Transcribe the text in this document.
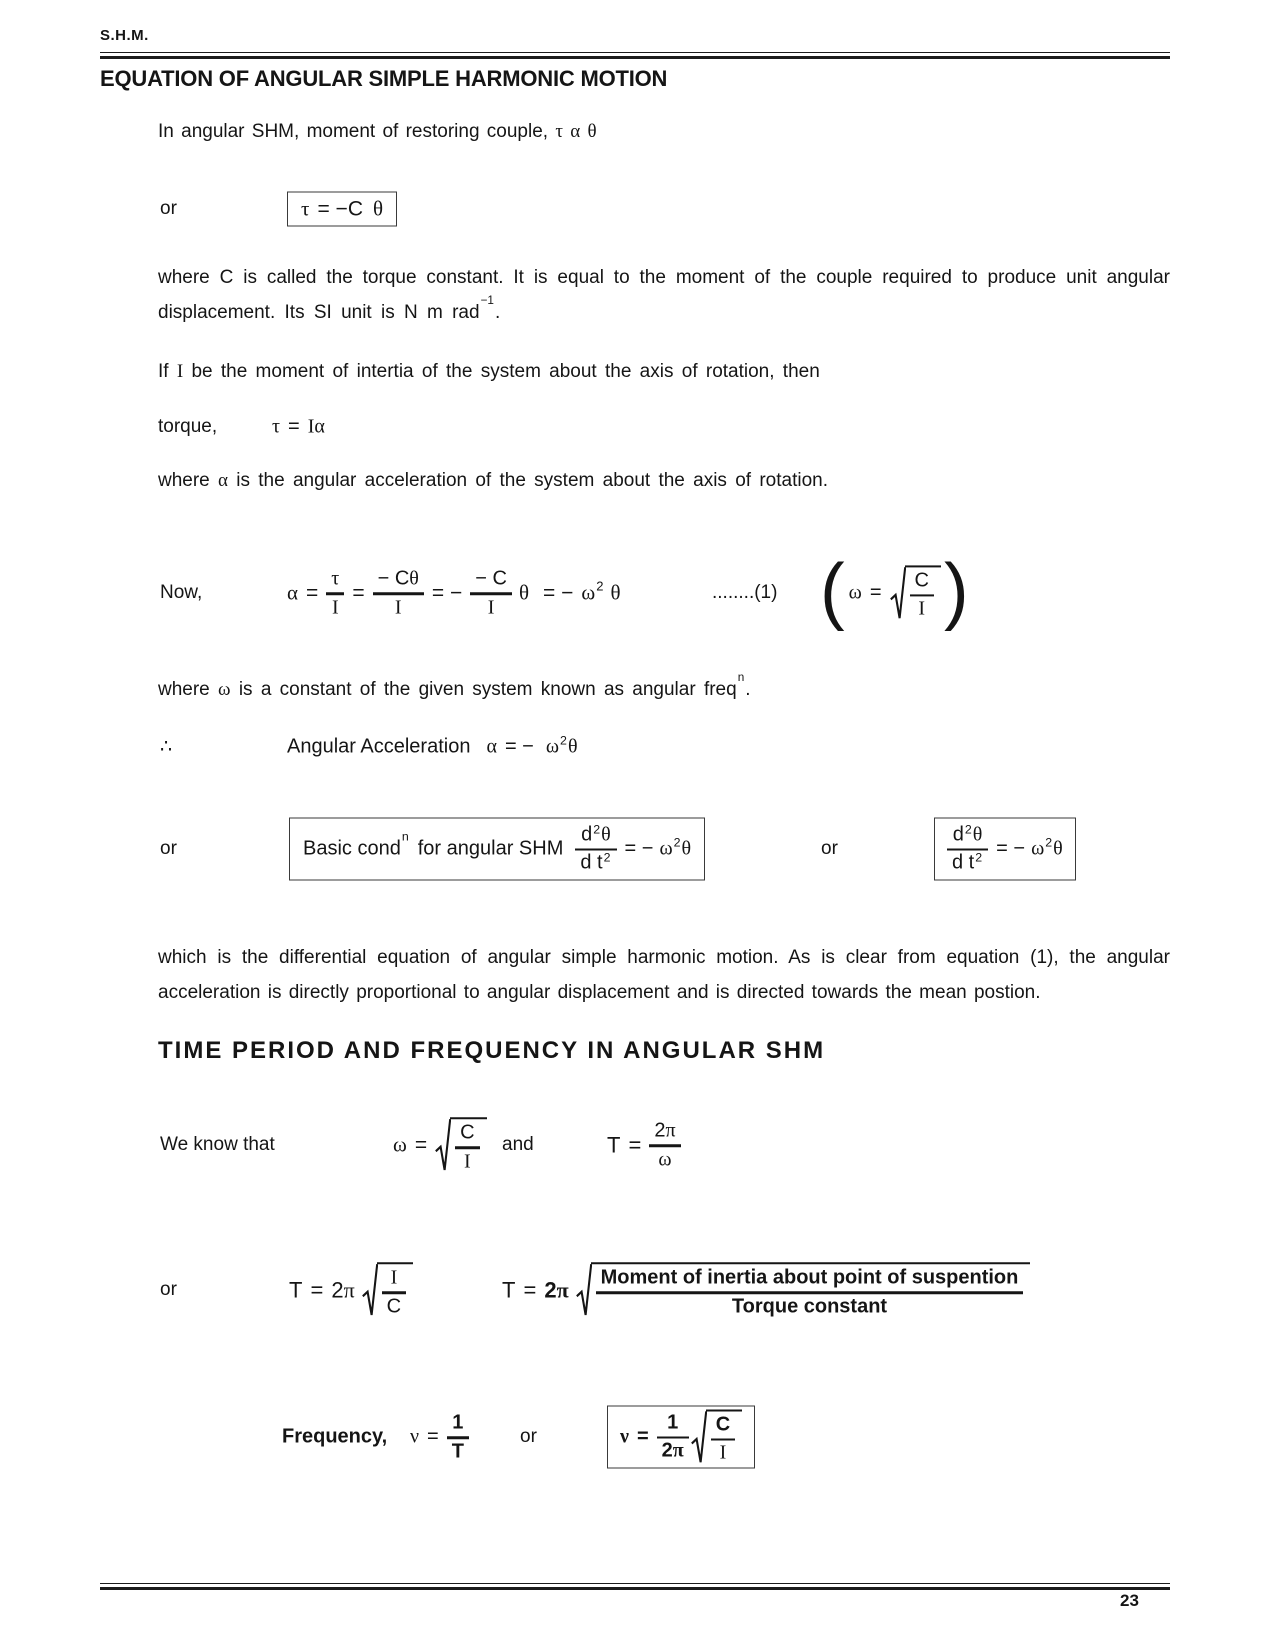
S.H.M.
EQUATION OF ANGULAR SIMPLE HARMONIC MOTION
In angular SHM, moment of restoring couple, τ α θ
or	τ = −C θ
where C is called the torque constant. It is equal to the moment of the couple required to produce unit angular
displacement. Its SI unit is N m rad$^{-1}$.
If I be the moment of intertia of the system about the axis of rotation, then
torque,	τ = I α
where α is the angular acceleration of the system about the axis of rotation.
Now,	$\alpha = \frac{\tau}{I} = \frac{\text{− C θ}}{I}$ = − $\frac{- C}{I}$ θ = − $\omega^2$ θ	........(1) ( $\omega = \frac{C}{I}$ )
where ω is a constant of the given system known as angular freq$^n$.
∴	Angular Acceleration α = − $\omega^2$ θ
or	Basic cond$^n$for angular SHM $\frac{d^2 \theta}{d t^2}$ = − $\omega^2$ θ	or	$\frac{d^2 \theta}{d t^2}$ = − $\omega^2$ θ
which is the differential equation of angular simple harmonic motion. As is clear from equation (1), the angular
acceleration is directly proportional to angular displacement and is directed towards the mean postion.
TIME PERIOD AND FREQUENCY IN ANGULAR SHM
We know that	$\omega = \frac{C}{I}$ and	$T = \frac{2 \pi}{\omega}$
or	T = 2 π $\frac{I}{C}$	T = 2 π $\frac{\text{Moment of inertia about point of suspention}}{\text{Torque constant}}$
Frequency, $\nu = \frac{1}{T}$	or	$\nu = \frac{1}{2 \pi} \frac{C}{I}$
23
